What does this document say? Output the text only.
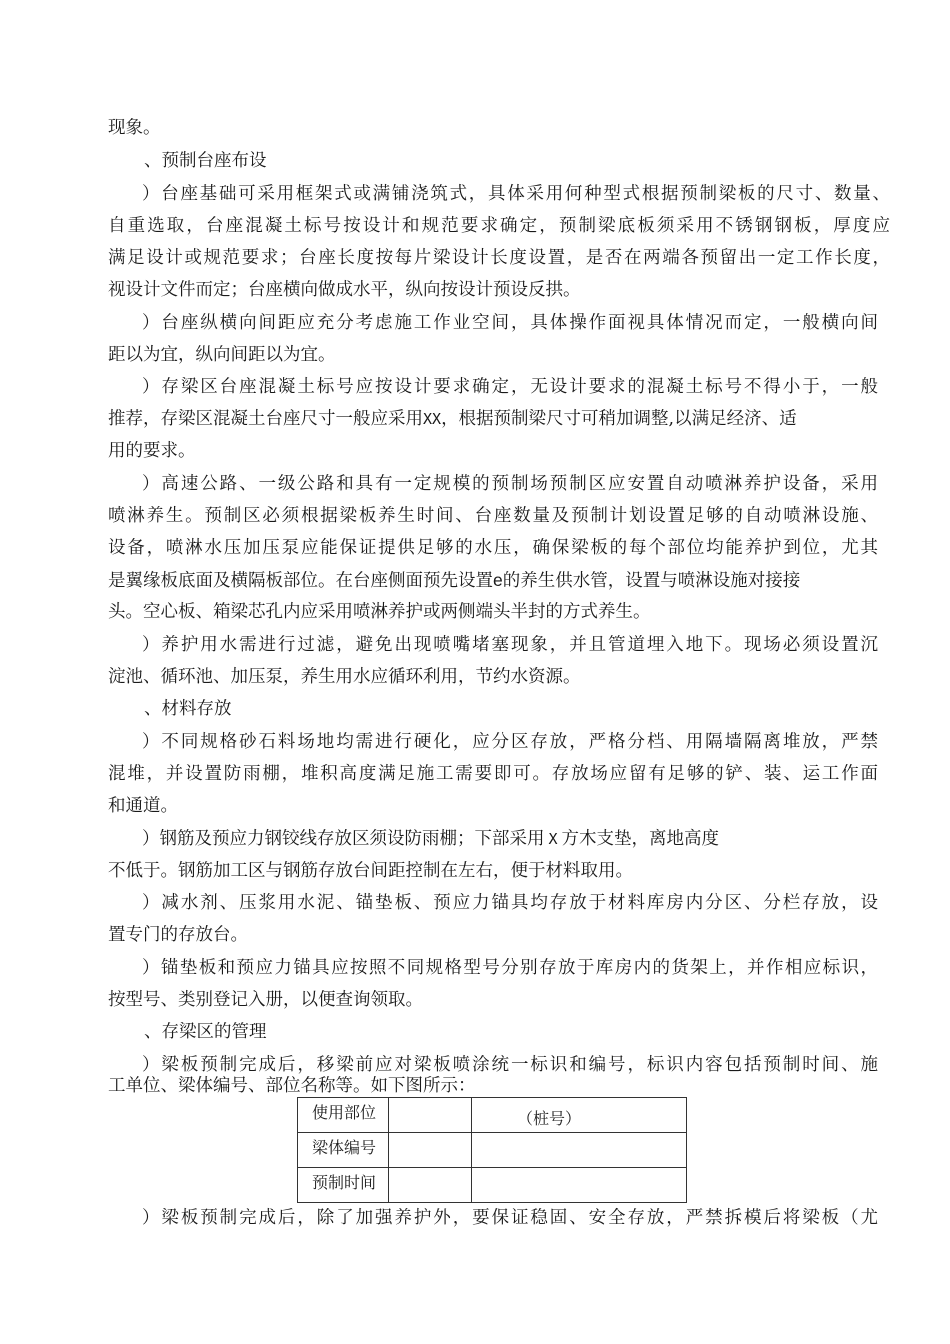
现象。
、预制台座布设
）台座基础可采用框架式或满铺浇筑式，具体采用何种型式根据预制梁板的尺寸、数量、
自重选取，台座混凝土标号按设计和规范要求确定，预制梁底板须采用不锈钢钢板，厚度应
满足设计或规范要求；台座长度按每片梁设计长度设置，是否在两端各预留出一定工作长度，
视设计文件而定；台座横向做成水平，纵向按设计预设反拱。
）台座纵横向间距应充分考虑施工作业空间，具体操作面视具体情况而定，一般横向间
距以为宜，纵向间距以为宜。
）存梁区台座混凝土标号应按设计要求确定，无设计要求的混凝土标号不得小于，一般
推荐，存梁区混凝土台座尺寸一般应采用XX，根据预制梁尺寸可稍加调整,以满足经济、适
用的要求。
）高速公路、一级公路和具有一定规模的预制场预制区应安置自动喷淋养护设备，采用
喷淋养生。预制区必须根据梁板养生时间、台座数量及预制计划设置足够的自动喷淋设施、
设备，喷淋水压加压泵应能保证提供足够的水压，确保梁板的每个部位均能养护到位，尤其
是翼缘板底面及横隔板部位。在台座侧面预先设置e的养生供水管，设置与喷淋设施对接接
头。空心板、箱梁芯孔内应采用喷淋养护或两侧端头半封的方式养生。
）养护用水需进行过滤，避免出现喷嘴堵塞现象，并且管道埋入地下。现场必须设置沉
淀池、循环池、加压泵，养生用水应循环利用，节约水资源。
、材料存放
）不同规格砂石料场地均需进行硬化，应分区存放，严格分档、用隔墙隔离堆放，严禁
混堆，并设置防雨棚，堆积高度满足施工需要即可。存放场应留有足够的铲、装、运工作面
和通道。
）钢筋及预应力钢铰线存放区须设防雨棚；下部采用 X 方木支垫，离地高度
不低于。钢筋加工区与钢筋存放台间距控制在左右，便于材料取用。
）减水剂、压浆用水泥、锚垫板、预应力锚具均存放于材料库房内分区、分栏存放，设
置专门的存放台。
）锚垫板和预应力锚具应按照不同规格型号分别存放于库房内的货架上，并作相应标识，
按型号、类别登记入册，以便查询领取。
、存梁区的管理
）梁板预制完成后，移梁前应对梁板喷涂统一标识和编号，标识内容包括预制时间、施
工单位、梁体编号、部位名称等。如下图所示：
使用部位		（桩号）

梁体编号		

预制时间		

）梁板预制完成后，除了加强养护外，要保证稳固、安全存放，严禁拆模后将梁板（尤
